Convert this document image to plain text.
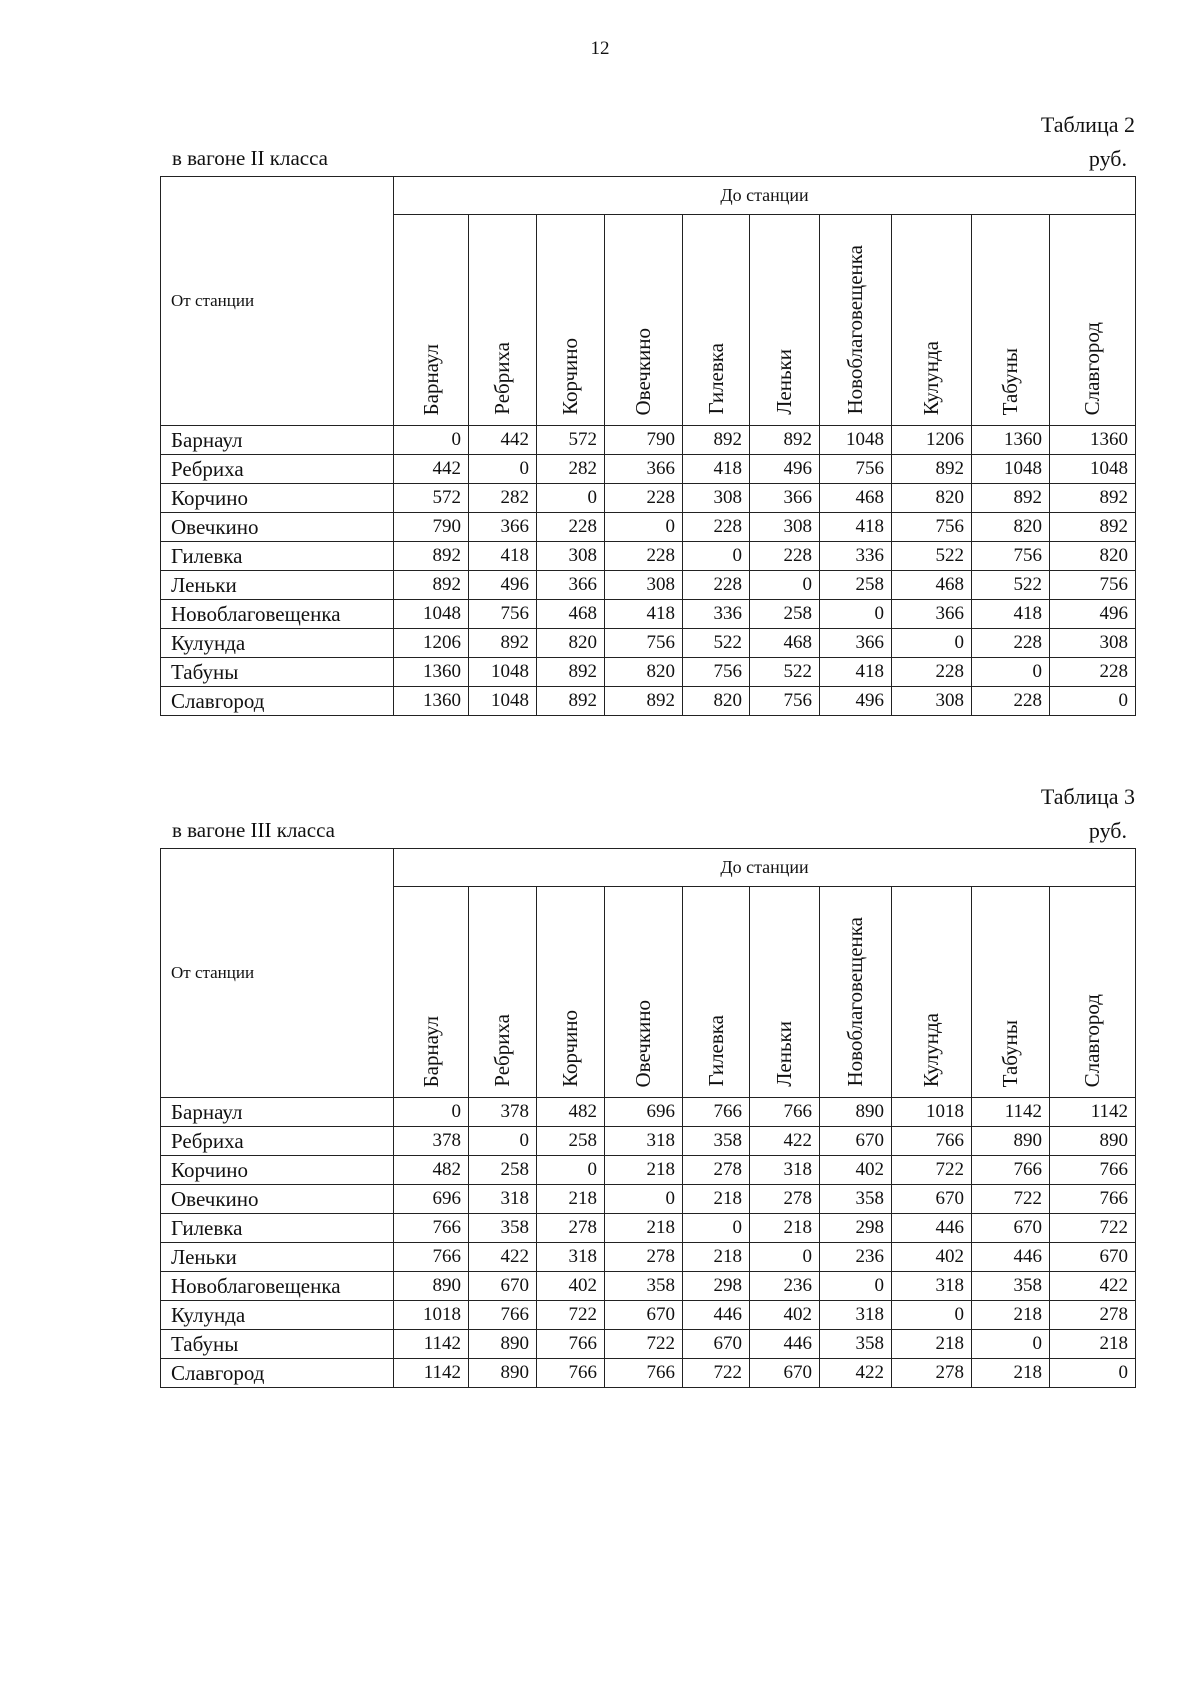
12
Таблица 2
в вагоне II класса	руб.
От станции	До станции									

	Барнаул	Ребриха	Корчино	Овечкино	Гилевка	Леньки	Новоблаговещенка	Кулунда	Табуны	Славгород

Барнаул	0	442	572	790	892	892	1048	1206	1360	1360
Ребриха	442	0	282	366	418	496	756	892	1048	1048
Корчино	572	282	0	228	308	366	468	820	892	892
Овечкино	790	366	228	0	228	308	418	756	820	892
Гилевка	892	418	308	228	0	228	336	522	756	820
Леньки	892	496	366	308	228	0	258	468	522	756
Новоблаговещенка	1048	756	468	418	336	258	0	366	418	496
Кулунда	1206	892	820	756	522	468	366	0	228	308
Табуны	1360	1048	892	820	756	522	418	228	0	228
Славгород	1360	1048	892	892	820	756	496	308	228	0
Таблица 3
в вагоне III класса	руб.
От станции	До станции									

	Барнаул	Ребриха	Корчино	Овечкино	Гилевка	Леньки	Новоблаговещенка	Кулунда	Табуны	Славгород

Барнаул	0	378	482	696	766	766	890	1018	1142	1142
Ребриха	378	0	258	318	358	422	670	766	890	890
Корчино	482	258	0	218	278	318	402	722	766	766
Овечкино	696	318	218	0	218	278	358	670	722	766
Гилевка	766	358	278	218	0	218	298	446	670	722
Леньки	766	422	318	278	218	0	236	402	446	670
Новоблаговещенка	890	670	402	358	298	236	0	318	358	422
Кулунда	1018	766	722	670	446	402	318	0	218	278
Табуны	1142	890	766	722	670	446	358	218	0	218
Славгород	1142	890	766	766	722	670	422	278	218	0
